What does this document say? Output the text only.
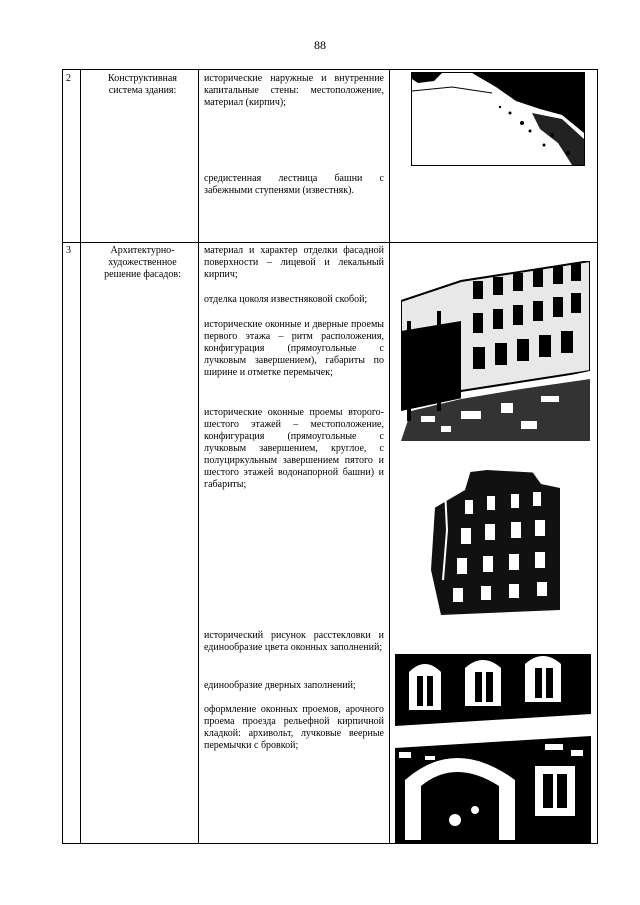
88
2	Конструктивная система здания:
исторические наружные и внутренние капитальные стены: местоположение, материал (кирпич);
средистенная лестница башни с забежными ступенями (известняк).
3	Архитектурно-художественное решение фасадов:
материал и характер отделки фасадной поверхности – лицевой и лекальный кирпич;
отделка цоколя известняковой скобой;
исторические оконные и дверные проемы первого этажа – ритм расположения, конфигурация (прямоугольные с лучковым завершением), габариты по ширине и отметке перемычек;
исторические оконные проемы второго-шестого этажей – местоположение, конфигурация (прямоугольные с лучковым завершением, круглое, с полуциркульным завершением пятого и шестого этажей водонапорной башни) и габариты;
исторический рисунок расстекловки и единообразие цвета оконных заполнений;
единообразие дверных заполнений;
оформление оконных проемов, арочного проема проезда рельефной кирпичной кладкой: архивольт, лучковые веерные перемычки с бровкой;
